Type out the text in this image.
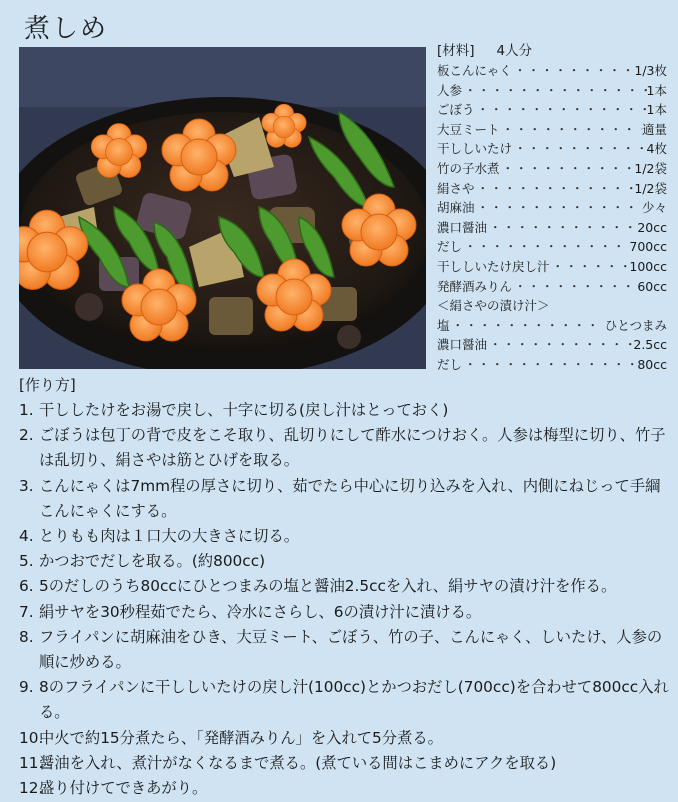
煮しめ
[材料] 4人分
板こんにゃく ・・・・・・・・・・・・・・・・・・・・・・	1/3枚
人参 ・・・・・・・・・・・・・・・・・・・・・・	1本
ごぼう ・・・・・・・・・・・・・・・・・・・・・・	1本
大豆ミート ・・・・・・・・・・・・・・・・・・・・・・	適量
干ししいたけ ・・・・・・・・・・・・・・・・・・・・・・	4枚
竹の子水煮 ・・・・・・・・・・・・・・・・・・・・・・	1/2袋
絹さや ・・・・・・・・・・・・・・・・・・・・・・	1/2袋
胡麻油 ・・・・・・・・・・・・・・・・・・・・・・	少々
濃口醤油 ・・・・・・・・・・・・・・・・・・・・・・	20cc
だし ・・・・・・・・・・・・・・・・・・・・・・	700cc
干ししいたけ戻し汁 ・・・・・・・・・・・・・・・・・・・・・・	100cc
発酵酒みりん ・・・・・・・・・・・・・・・・・・・・・・	60cc
＜絹さやの漬け汁＞
塩 ・・・・・・・・・・・・・・・・・・・・・・	ひとつまみ
濃口醤油 ・・・・・・・・・・・・・・・・・・・・・・	2.5cc
だし ・・・・・・・・・・・・・・・・・・・・・・	80cc
[作り方]
1. 干ししたけをお湯で戻し、十字に切る(戻し汁はとっておく)
2. ごぼうは包丁の背で皮をこそ取り、乱切りにして酢水につけおく。人参は梅型に切り、竹子は乱切り、絹さやは筋とひげを取る。
3. こんにゃくは7mm程の厚さに切り、茹でたら中心に切り込みを入れ、内側にねじって手綱こんにゃくにする。
4. とりもも肉は１口大の大きさに切る。
5. かつおでだしを取る。(約800cc)
6. 5のだしのうち80ccにひとつまみの塩と醤油2.5ccを入れ、絹サヤの漬け汁を作る。
7. 絹サヤを30秒程茹でたら、冷水にさらし、6の漬け汁に漬ける。
8. フライパンに胡麻油をひき、大豆ミート、ごぼう、竹の子、こんにゃく、しいたけ、人参の順に炒める。
9. 8のフライパンに干ししいたけの戻し汁(100cc)とかつおだし(700cc)を合わせて800cc入れる。
10.
中火で約15分煮たら、「発酵酒みりん」を入れて5分煮る。
11.
醤油を入れ、煮汁がなくなるまで煮る。(煮ている間はこまめにアクを取る)
12.
盛り付けてできあがり。
